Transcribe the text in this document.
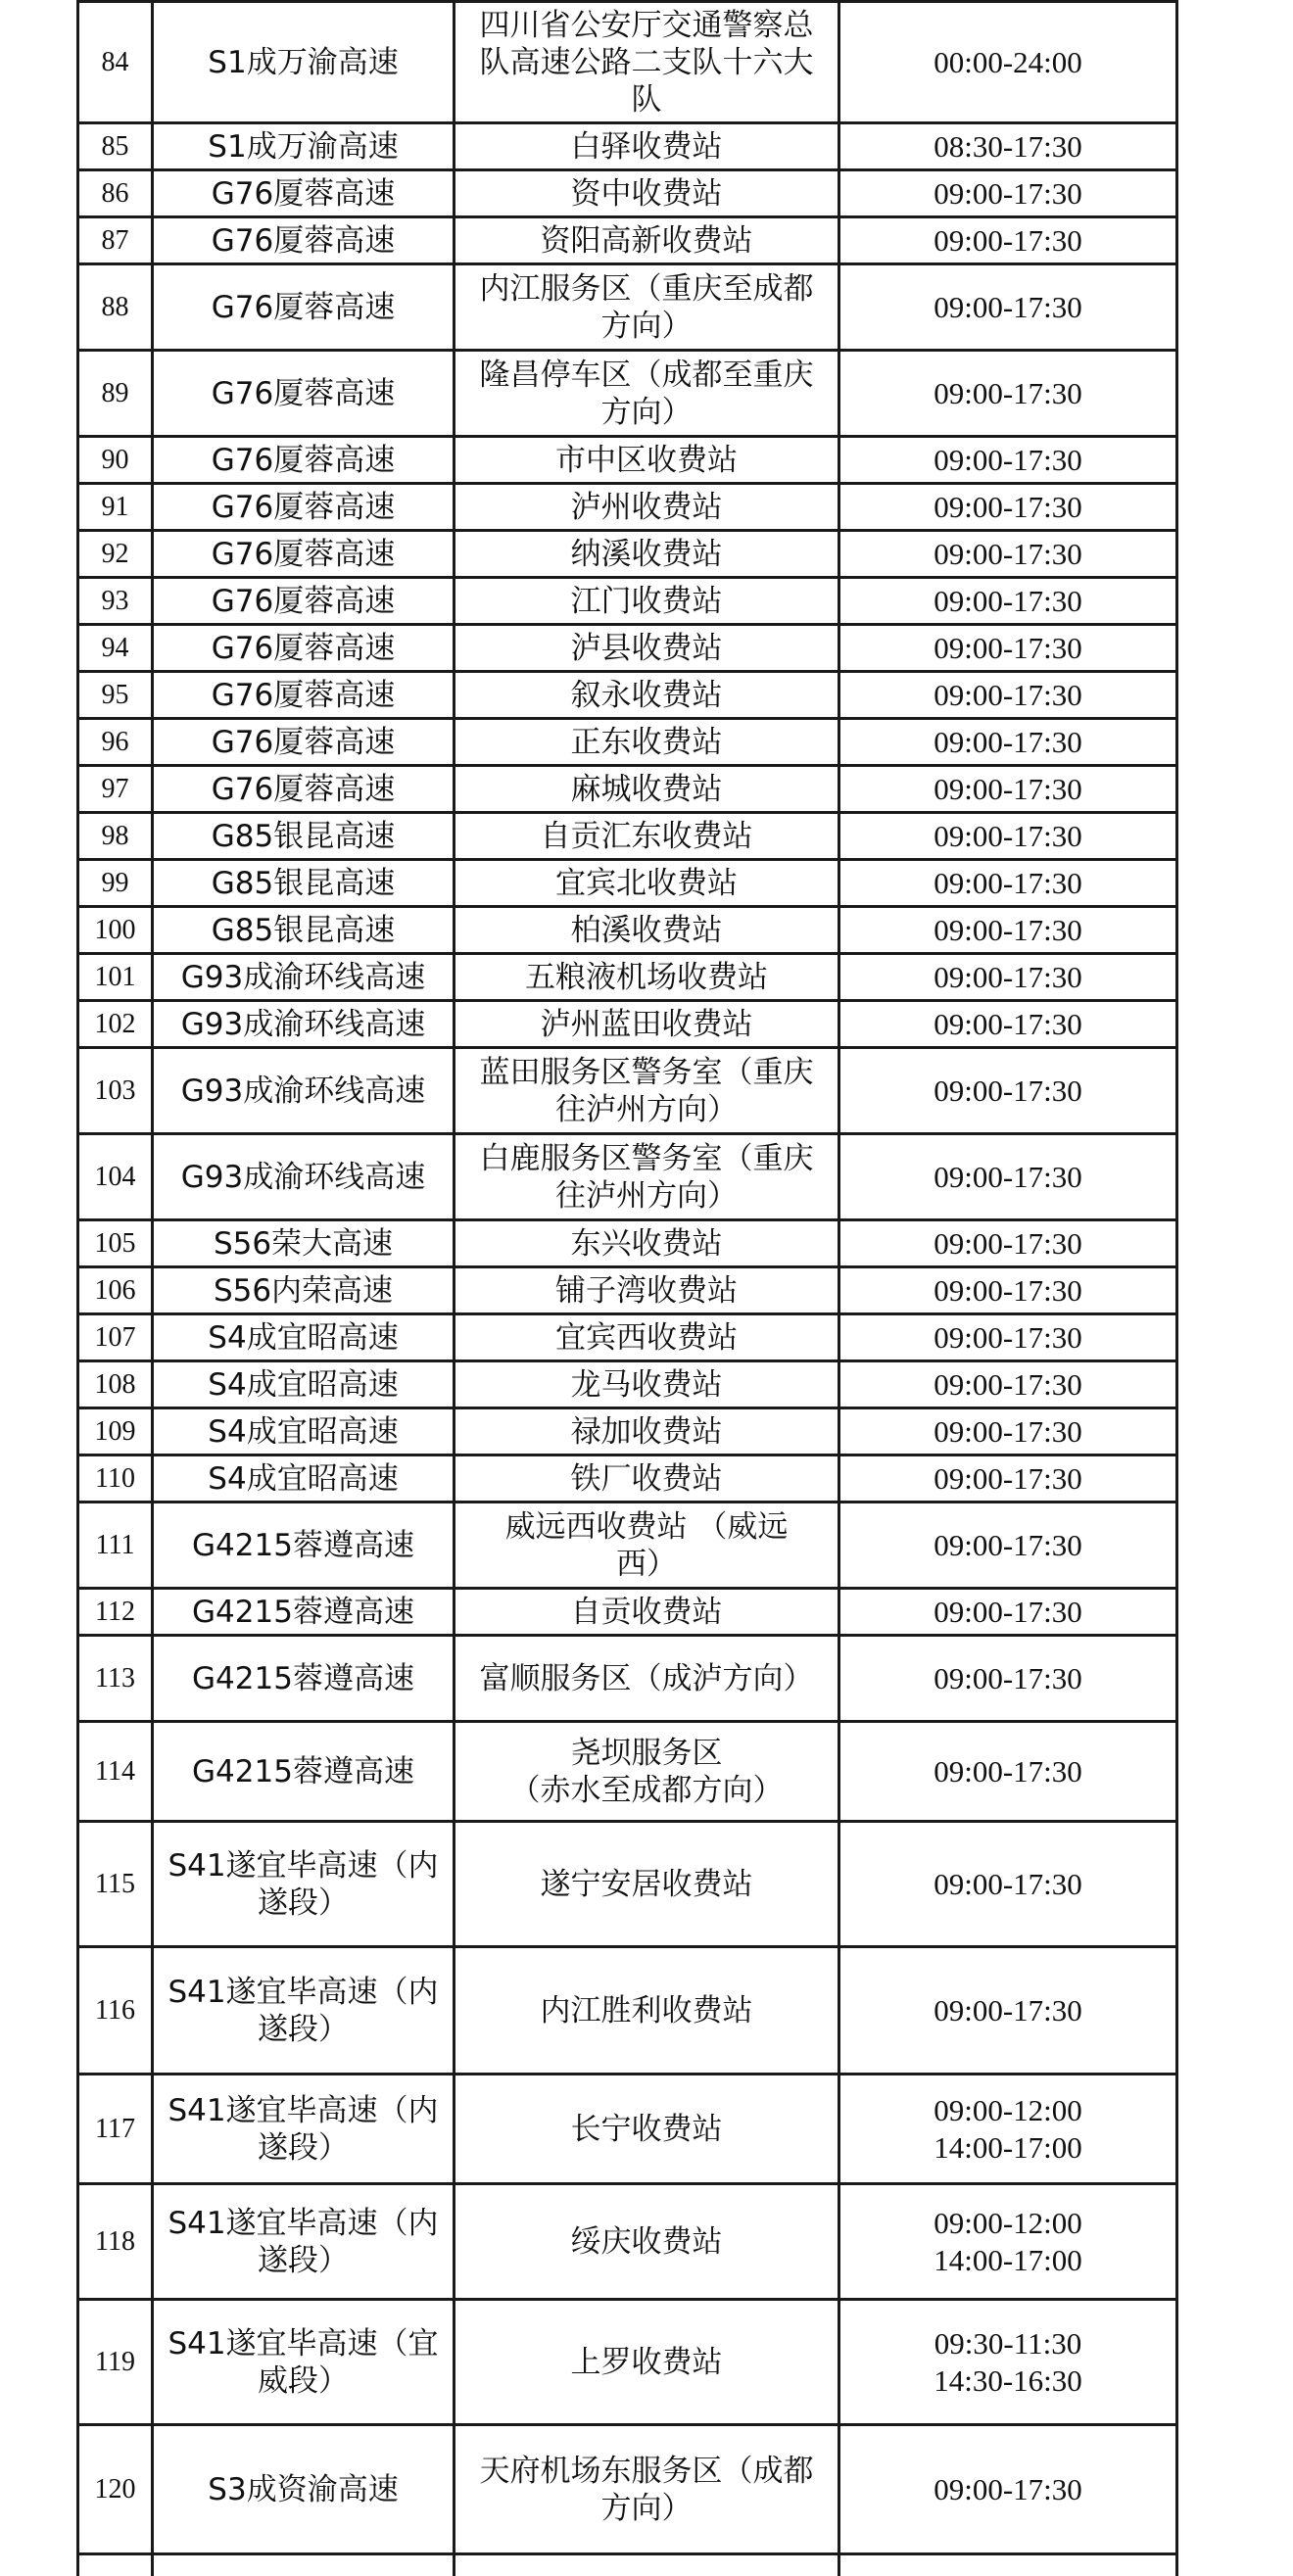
84	S1成万渝高速	四川省公安厅交通警察总
队高速公路二支队十六大
队	00:00-24:00

85	S1成万渝高速	白驿收费站	08:30-17:30

86	G76厦蓉高速	资中收费站	09:00-17:30

87	G76厦蓉高速	资阳高新收费站	09:00-17:30

88	G76厦蓉高速	内江服务区（重庆至成都
方向）	09:00-17:30

89	G76厦蓉高速	隆昌停车区（成都至重庆
方向）	09:00-17:30

90	G76厦蓉高速	市中区收费站	09:00-17:30

91	G76厦蓉高速	泸州收费站	09:00-17:30

92	G76厦蓉高速	纳溪收费站	09:00-17:30

93	G76厦蓉高速	江门收费站	09:00-17:30

94	G76厦蓉高速	泸县收费站	09:00-17:30

95	G76厦蓉高速	叙永收费站	09:00-17:30

96	G76厦蓉高速	正东收费站	09:00-17:30

97	G76厦蓉高速	麻城收费站	09:00-17:30

98	G85银昆高速	自贡汇东收费站	09:00-17:30

99	G85银昆高速	宜宾北收费站	09:00-17:30

100	G85银昆高速	柏溪收费站	09:00-17:30

101	G93成渝环线高速	五粮液机场收费站	09:00-17:30

102	G93成渝环线高速	泸州蓝田收费站	09:00-17:30

103	G93成渝环线高速	蓝田服务区警务室（重庆
往泸州方向）	09:00-17:30

104	G93成渝环线高速	白鹿服务区警务室（重庆
往泸州方向）	09:00-17:30

105	S56荣大高速	东兴收费站	09:00-17:30

106	S56内荣高速	铺子湾收费站	09:00-17:30

107	S4成宜昭高速	宜宾西收费站	09:00-17:30

108	S4成宜昭高速	龙马收费站	09:00-17:30

109	S4成宜昭高速	禄加收费站	09:00-17:30

110	S4成宜昭高速	铁厂收费站	09:00-17:30

111	G4215蓉遵高速	威远西收费站 （威远
西）	09:00-17:30

112	G4215蓉遵高速	自贡收费站	09:00-17:30

113	G4215蓉遵高速	富顺服务区（成泸方向）	09:00-17:30

114	G4215蓉遵高速	尧坝服务区
（赤水至成都方向）	09:00-17:30

115	S41遂宜毕高速（内
遂段）	遂宁安居收费站	09:00-17:30

116	S41遂宜毕高速（内
遂段）	内江胜利收费站	09:00-17:30

117	S41遂宜毕高速（内
遂段）	长宁收费站	09:00-12:00
14:00-17:00

118	S41遂宜毕高速（内
遂段）	绥庆收费站	09:00-12:00
14:00-17:00

119	S41遂宜毕高速（宜
威段）	上罗收费站	09:30-11:30
14:30-16:30

120	S3成资渝高速	天府机场东服务区（成都
方向）	09:00-17:30
